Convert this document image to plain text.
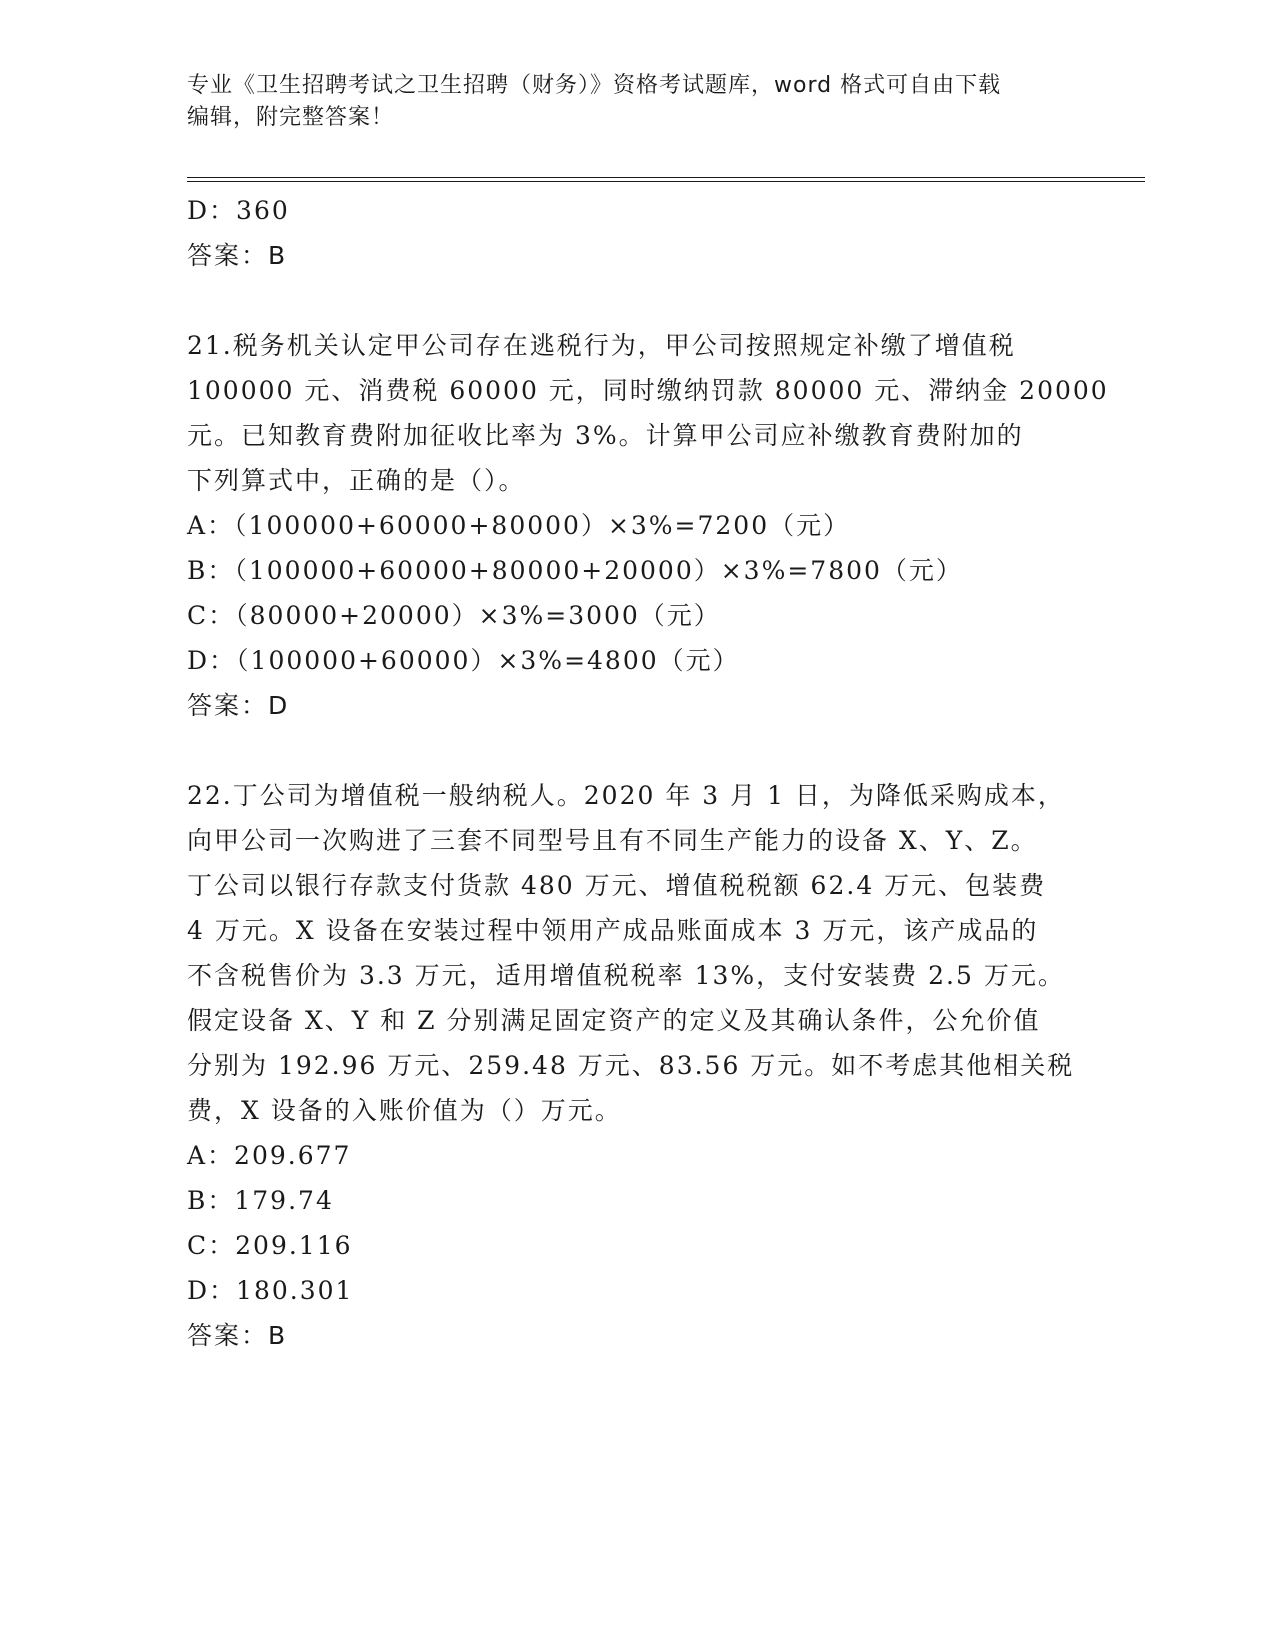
专业《卫生招聘考试之卫生招聘（财务）》资格考试题库，word 格式可自由下载
编辑，附完整答案！
D：360
答案：B
21.税务机关认定甲公司存在逃税行为，甲公司按照规定补缴了增值税
100000 元、消费税 60000 元，同时缴纳罚款 80000 元、滞纳金 20000
元。已知教育费附加征收比率为 3%。计算甲公司应补缴教育费附加的
下列算式中，正确的是（）。
A：（100000+60000+80000）×3%=7200（元）
B：（100000+60000+80000+20000）×3%=7800（元）
C：（80000+20000）×3%=3000（元）
D：（100000+60000）×3%=4800（元）
答案：D
22.丁公司为增值税一般纳税人。2020 年 3 月 1 日，为降低采购成本，
向甲公司一次购进了三套不同型号且有不同生产能力的设备 X、Y、Z。
丁公司以银行存款支付货款 480 万元、增值税税额 62.4 万元、包装费
4 万元。X 设备在安装过程中领用产成品账面成本 3 万元，该产成品的
不含税售价为 3.3 万元，适用增值税税率 13%，支付安装费 2.5 万元。
假定设备 X、Y 和 Z 分别满足固定资产的定义及其确认条件，公允价值
分别为 192.96 万元、259.48 万元、83.56 万元。如不考虑其他相关税
费，X 设备的入账价值为（）万元。
A：209.677
B：179.74
C：209.116
D：180.301
答案：B
